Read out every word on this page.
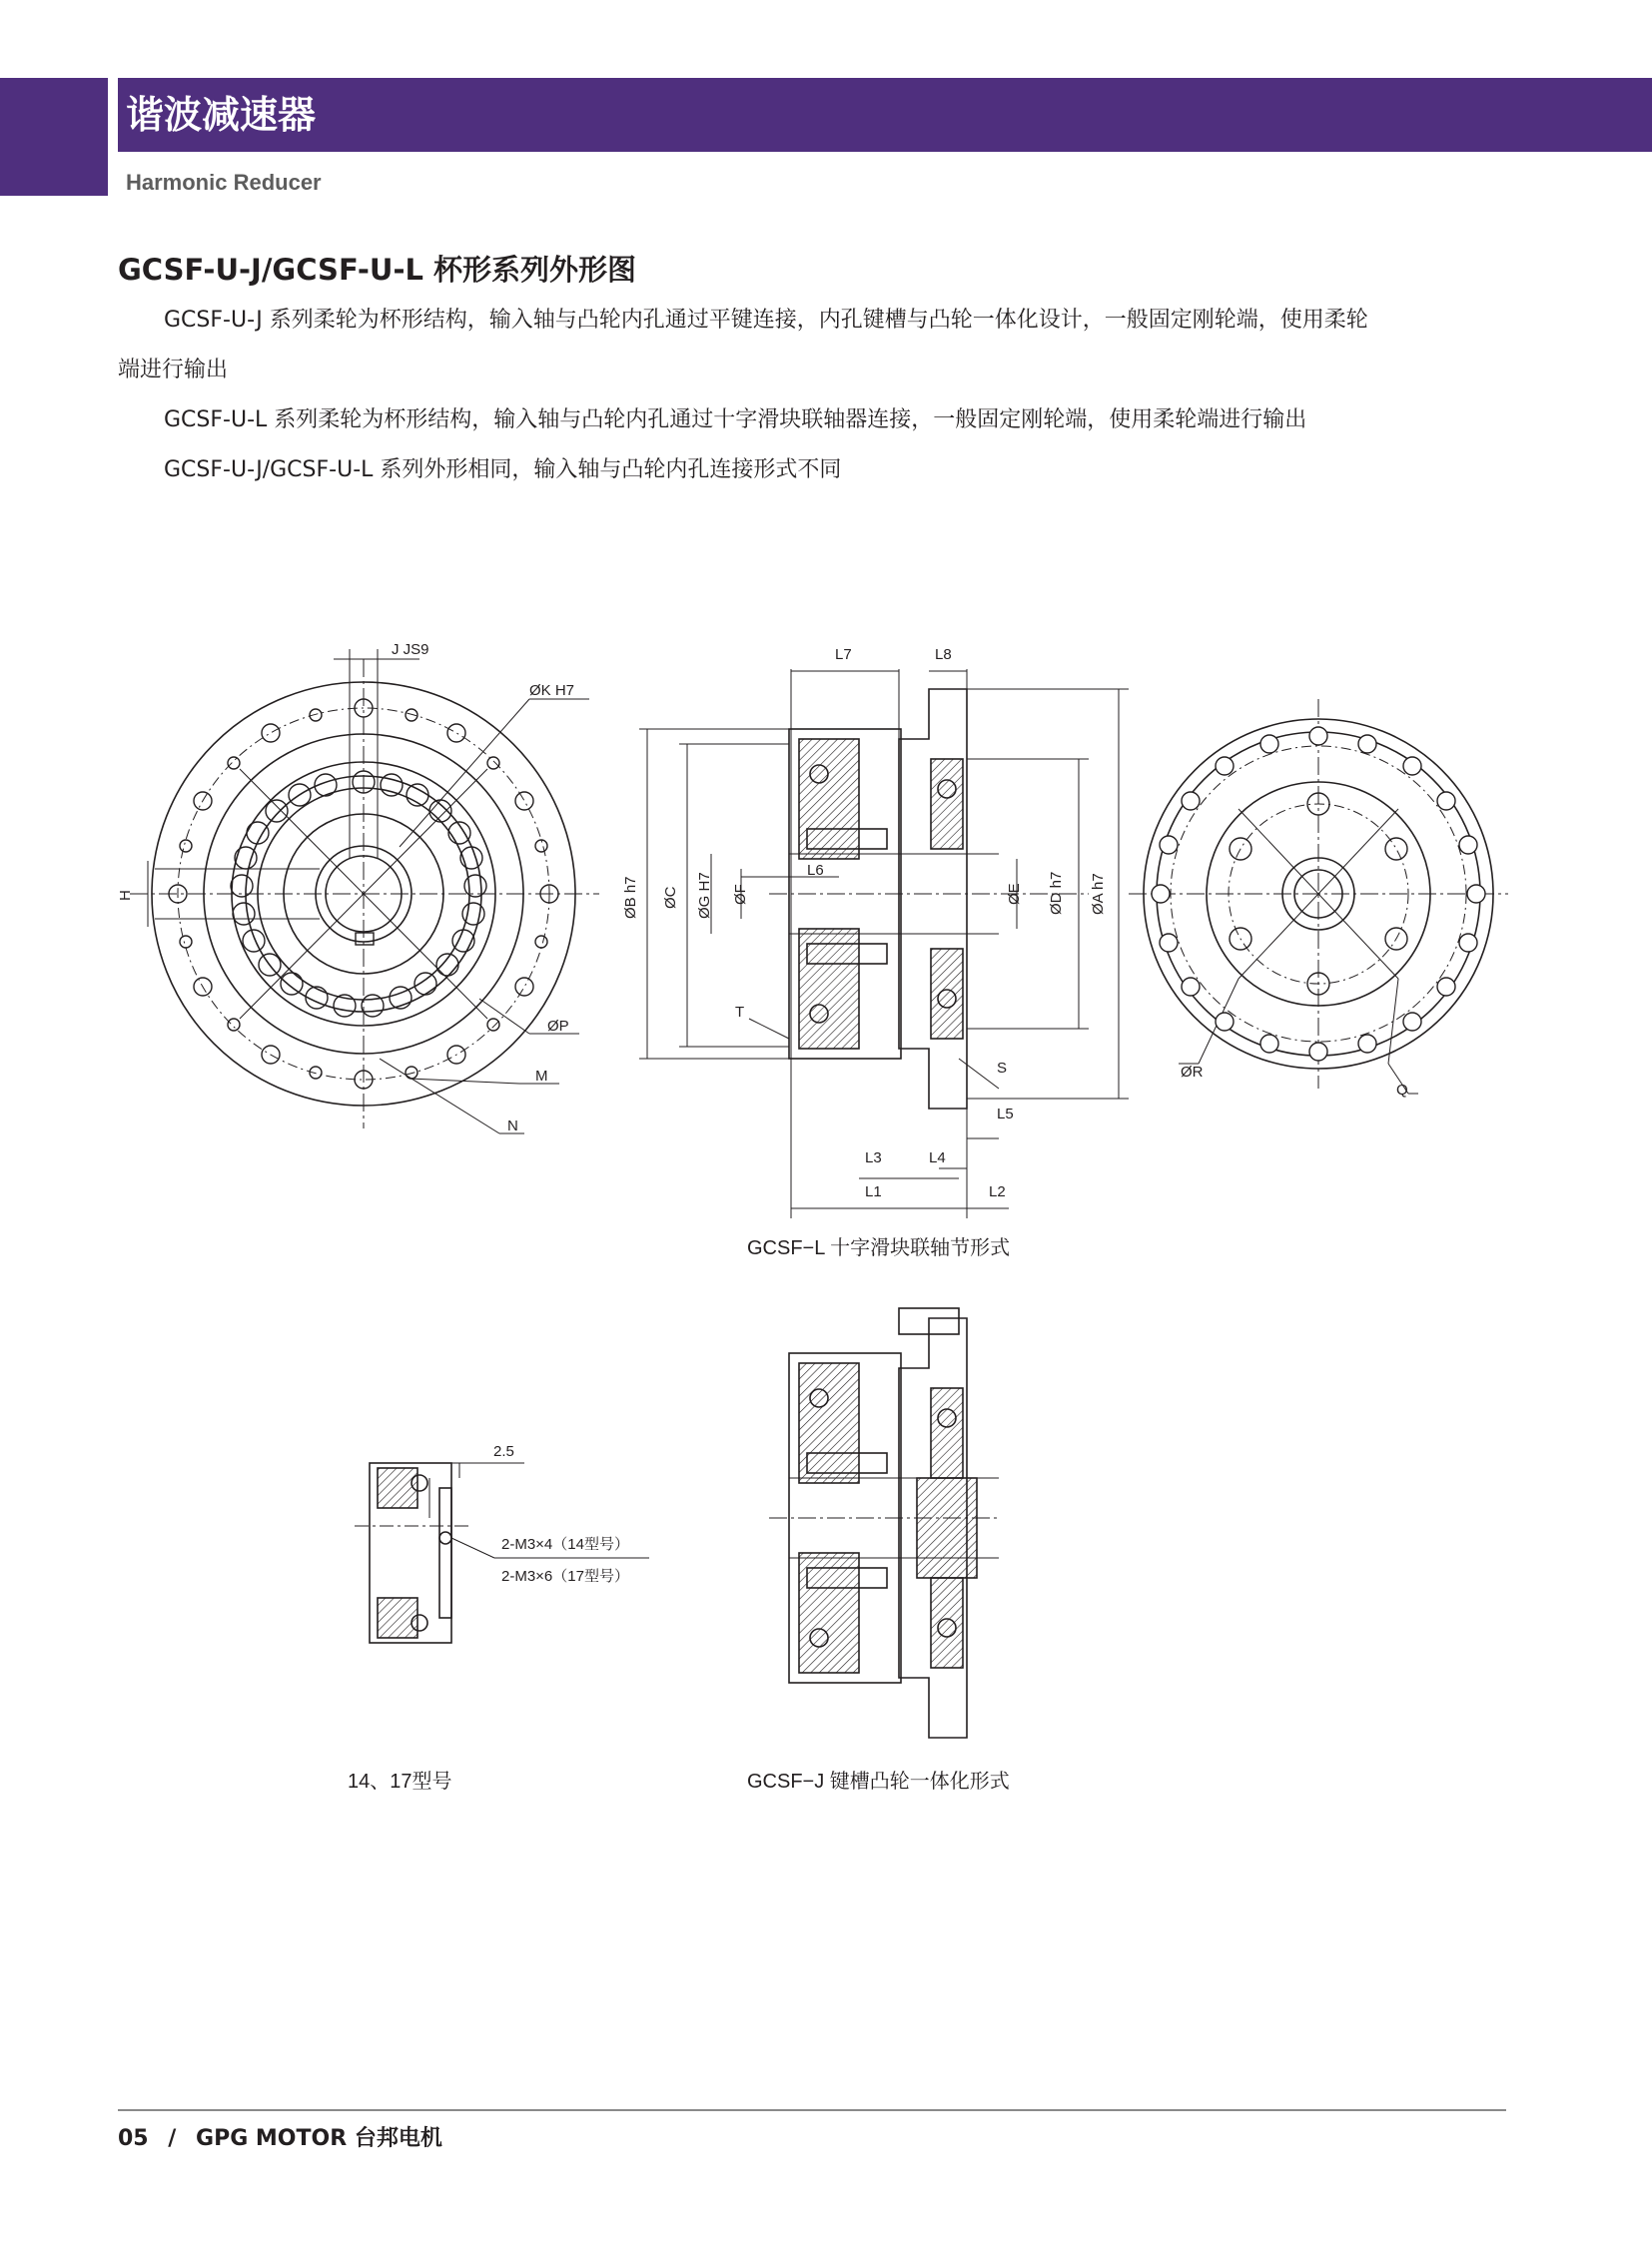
谐波减速器
Harmonic Reducer
GCSF-U-J/GCSF-U-L 杯形系列外形图
GCSF-U-J 系列柔轮为杯形结构，输入轴与凸轮内孔通过平键连接，内孔键槽与凸轮一体化设计，一般固定刚轮端，使用柔轮
端进行输出
GCSF-U-L 系列柔轮为杯形结构，输入轴与凸轮内孔通过十字滑块联轴器连接，一般固定刚轮端，使用柔轮端进行输出
GCSF-U-J/GCSF-U-L 系列外形相同，输入轴与凸轮内孔连接形式不同
J JS9
ØK H7
H
ØP
M
N
L7	L8
ØB h7 ØC ØG H7 ØF
L6
ØE ØD h7 ØA h7
T
S
L5
L3	L4
L1	L2
ØR
Q
2.5
2-M3×4（14型号）
2-M3×6（17型号）
GCSF−L 十字滑块联轴节形式
14、17型号	GCSF−J 键槽凸轮一体化形式
05 / GPG MOTOR 台邦电机
